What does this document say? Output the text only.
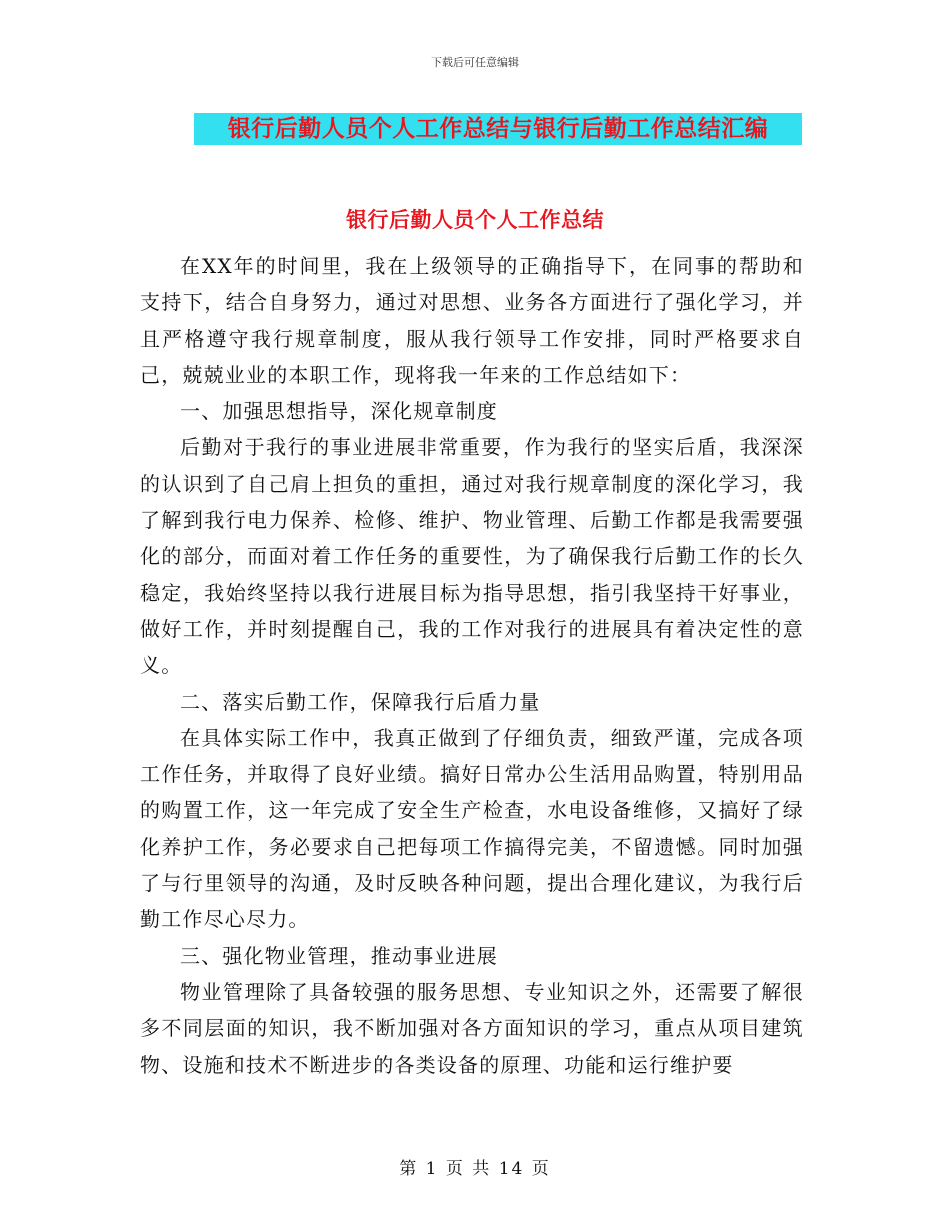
下载后可任意编辑
银行后勤人员个人工作总结与银行后勤工作总结汇编
银行后勤人员个人工作总结

在XX年的时间里，我在上级领导的正确指导下，在同事的帮助和支持下，结合自身努力，通过对思想、业务各方面进行了强化学习，并且严格遵守我行规章制度，服从我行领导工作安排，同时严格要求自己，兢兢业业的本职工作，现将我一年来的工作总结如下：

一、加强思想指导，深化规章制度

后勤对于我行的事业进展非常重要，作为我行的坚实后盾，我深深的认识到了自己肩上担负的重担，通过对我行规章制度的深化学习，我了解到我行电力保养、检修、维护、物业管理、后勤工作都是我需要强化的部分，而面对着工作任务的重要性，为了确保我行后勤工作的长久稳定，我始终坚持以我行进展目标为指导思想，指引我坚持干好事业，做好工作，并时刻提醒自己，我的工作对我行的进展具有着决定性的意义。

二、落实后勤工作，保障我行后盾力量

在具体实际工作中，我真正做到了仔细负责，细致严谨，完成各项工作任务，并取得了良好业绩。搞好日常办公生活用品购置，特别用品的购置工作，这一年完成了安全生产检查，水电设备维修，又搞好了绿化养护工作，务必要求自己把每项工作搞得完美，不留遗憾。同时加强了与行里领导的沟通，及时反映各种问题，提出合理化建议，为我行后勤工作尽心尽力。

三、强化物业管理，推动事业进展

物业管理除了具备较强的服务思想、专业知识之外，还需要了解很多不同层面的知识，我不断加强对各方面知识的学习，重点从项目建筑物、设施和技术不断进步的各类设备的原理、功能和运行维护要

第 1 页 共 14 页
